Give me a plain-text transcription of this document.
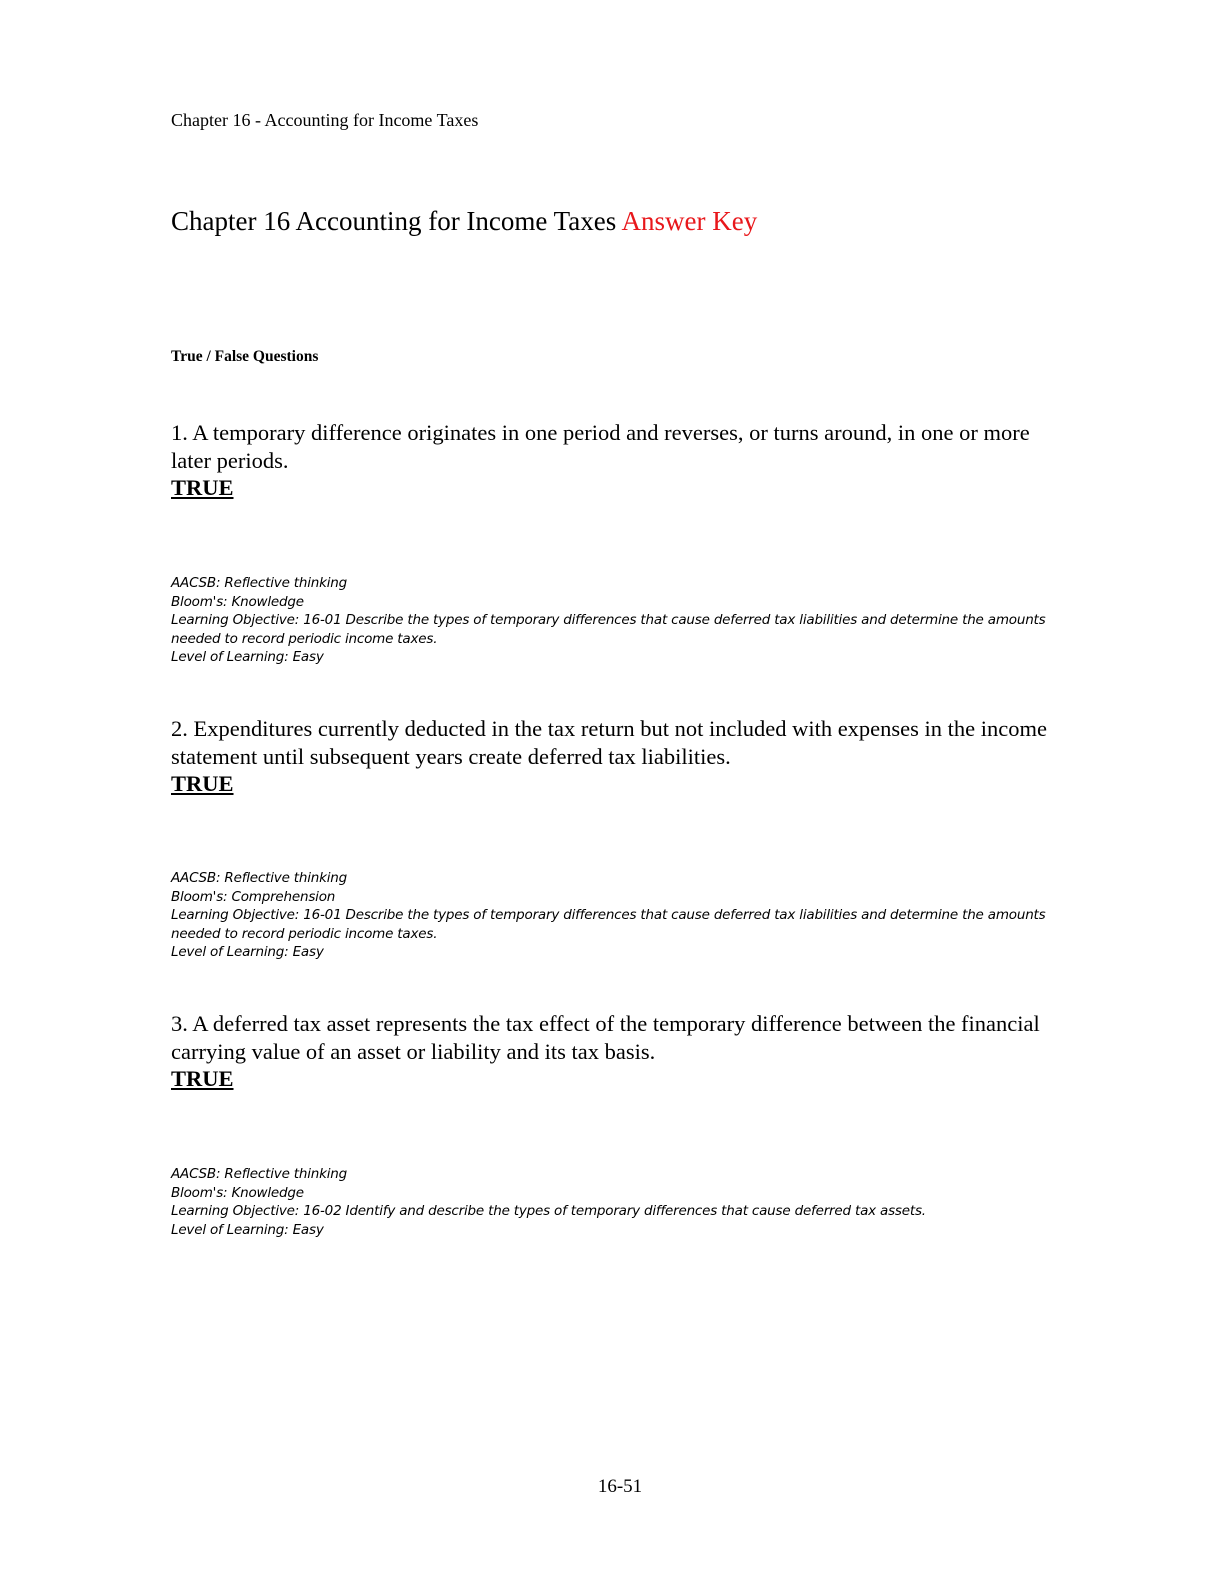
Chapter 16 - Accounting for Income Taxes
Chapter 16 Accounting for Income Taxes Answer Key
True / False Questions

1. A temporary difference originates in one period and reverses, or turns around, in one or more later periods.

TRUE

AACSB: Reflective thinking
Bloom's: Knowledge
Learning Objective: 16-01 Describe the types of temporary differences that cause deferred tax liabilities and determine the amounts needed to record periodic income taxes.
Level of Learning: Easy

2. Expenditures currently deducted in the tax return but not included with expenses in the income statement until subsequent years create deferred tax liabilities.

TRUE

AACSB: Reflective thinking
Bloom's: Comprehension
Learning Objective: 16-01 Describe the types of temporary differences that cause deferred tax liabilities and determine the amounts needed to record periodic income taxes.
Level of Learning: Easy

3. A deferred tax asset represents the tax effect of the temporary difference between the financial carrying value of an asset or liability and its tax basis.

TRUE

AACSB: Reflective thinking
Bloom's: Knowledge
Learning Objective: 16-02 Identify and describe the types of temporary differences that cause deferred tax assets.
Level of Learning: Easy
16-51
